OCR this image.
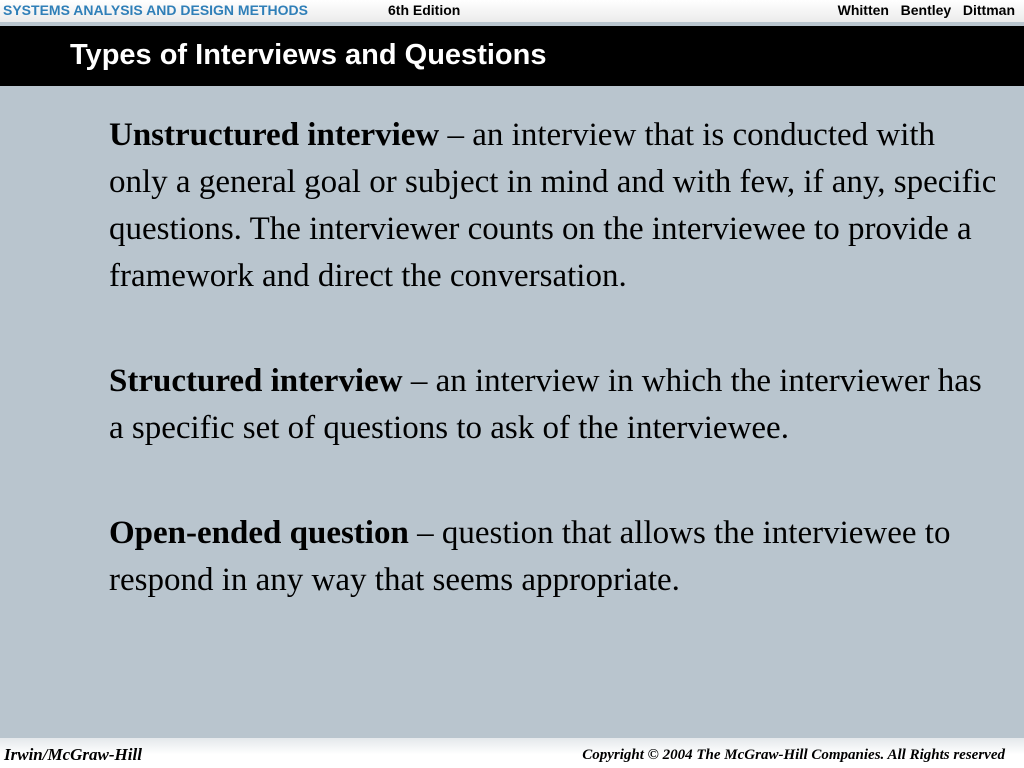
SYSTEMS ANALYSIS AND DESIGN METHODS	6th Edition	Whitten   Bentley   Dittman
Types of Interviews and Questions

Unstructured interview – an interview that is conducted with only a general goal or subject in mind and with few, if any, specific questions. The interviewer counts on the interviewee to provide a framework and direct the conversation.

Structured interview – an interview in which the interviewer has a specific set of questions to ask of the interviewee.

Open-ended question – question that allows the interviewee to respond in any way that seems appropriate.

Irwin/McGraw-Hill	Copyright © 2004 The McGraw-Hill Companies. All Rights reserved
